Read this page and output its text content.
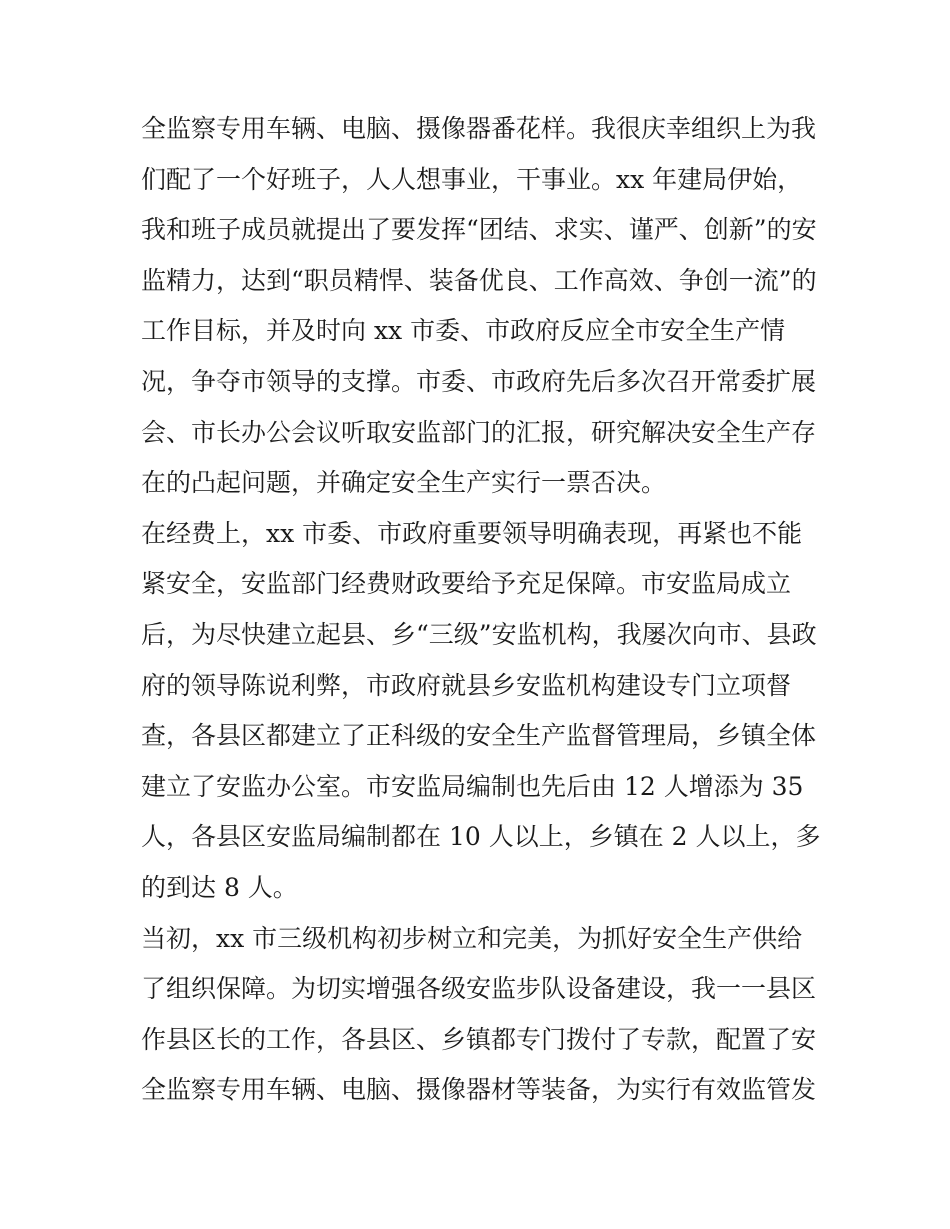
全监察专用车辆、电脑、摄像器番花样。我很庆幸组织上为我
们配了一个好班子，人人想事业，干事业。xx 年建局伊始，
我和班子成员就提出了要发挥“团结、求实、谨严、创新”的安
监精力，达到“职员精悍、装备优良、工作高效、争创一流”的
工作目标，并及时向 xx 市委、市政府反应全市安全生产情
况，争夺市领导的支撑。市委、市政府先后多次召开常委扩展
会、市长办公会议听取安监部门的汇报，研究解决安全生产存
在的凸起问题，并确定安全生产实行一票否决。
在经费上，xx 市委、市政府重要领导明确表现，再紧也不能
紧安全，安监部门经费财政要给予充足保障。市安监局成立
后，为尽快建立起县、乡“三级”安监机构，我屡次向市、县政
府的领导陈说利弊，市政府就县乡安监机构建设专门立项督
查，各县区都建立了正科级的安全生产监督管理局，乡镇全体
建立了安监办公室。市安监局编制也先后由 12 人增添为 35
人，各县区安监局编制都在 10 人以上，乡镇在 2 人以上，多
的到达 8 人。
当初，xx 市三级机构初步树立和完美，为抓好安全生产供给
了组织保障。为切实增强各级安监步队设备建设，我一一县区
作县区长的工作，各县区、乡镇都专门拨付了专款，配置了安
全监察专用车辆、电脑、摄像器材等装备，为实行有效监管发
